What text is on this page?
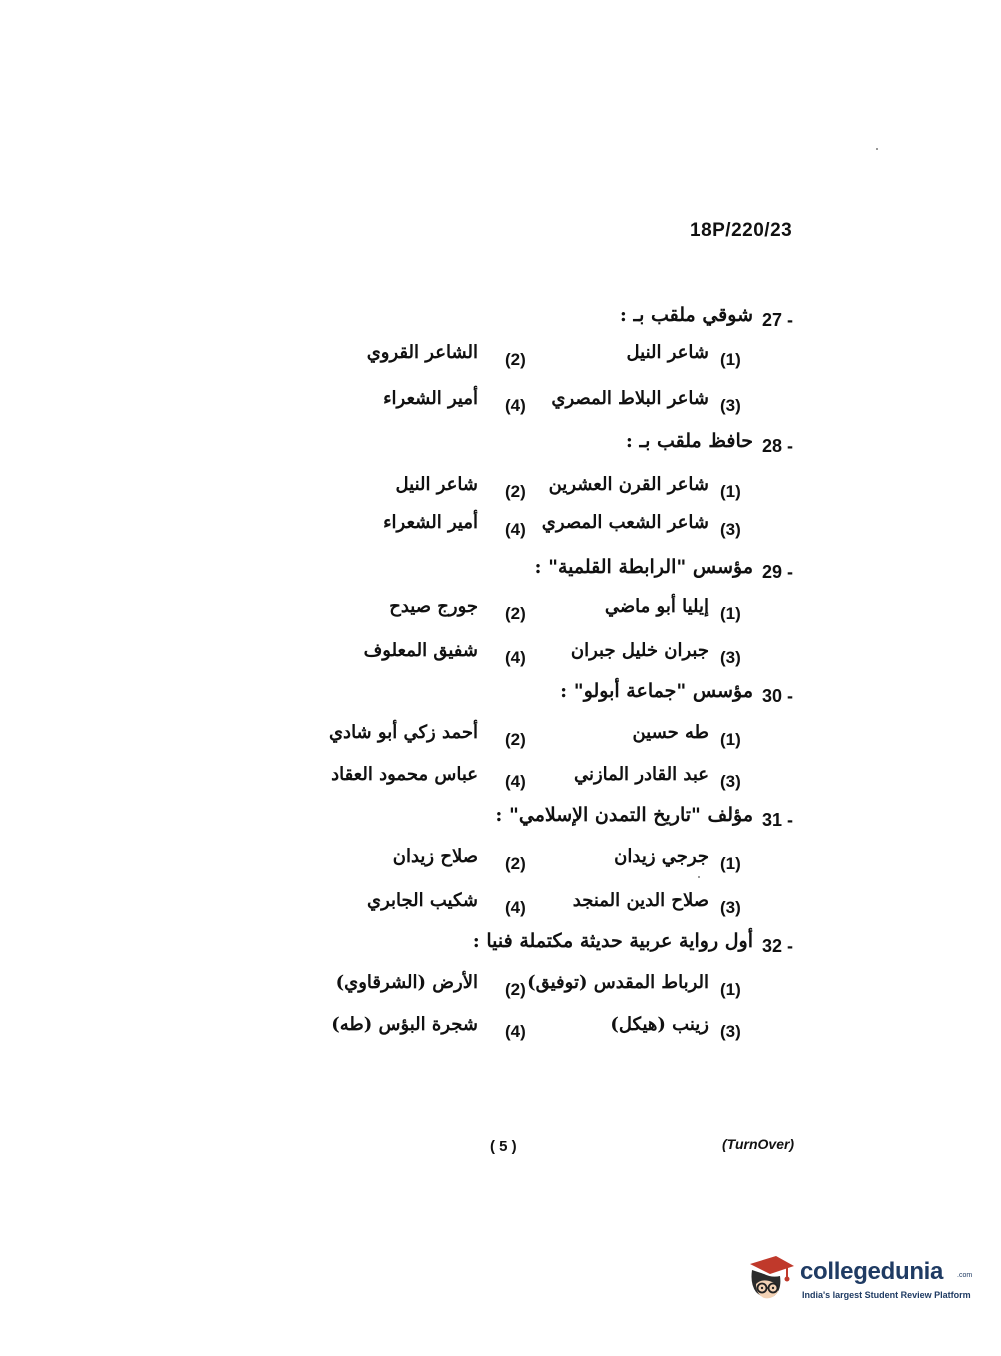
18P/220/23
27 -
شوقي ملقب بـ :
(1)
شاعر النيل
(2)
الشاعر القروي
(3)
شاعر البلاط المصري
(4)
أمير الشعراء
28 -
حافظ ملقب بـ :
(1)
شاعر القرن العشرين
(2)
شاعر النيل
(3)
شاعر الشعب المصري
(4)
أمير الشعراء
29 -
مؤسس "الرابطة القلمية" :
(1)
إيليا أبو ماضي
(2)
جورج صيدح
(3)
جبران خليل جبران
(4)
شفيق المعلوف
30 -
مؤسس "جماعة أبولو" :
(1)
طه حسين
(2)
أحمد زكي أبو شادي
(3)
عبد القادر المازني
(4)
عباس محمود العقاد
31 -
مؤلف "تاريخ التمدن الإسلامي" :
(1)
جرجي زيدان
(2)
صلاح زيدان
(3)
صلاح الدين المنجد
(4)
شكيب الجابري
32 -
أول رواية عربية حديثة مكتملة فنيا :
(1)
الرباط المقدس (توفيق)
(2)
الأرض (الشرقاوي)
(3)
زينب (هيكل)
(4)
شجرة البؤس (طه)
( 5 )	(TurnOver)
collegedunia .com
India's largest Student Review Platform
